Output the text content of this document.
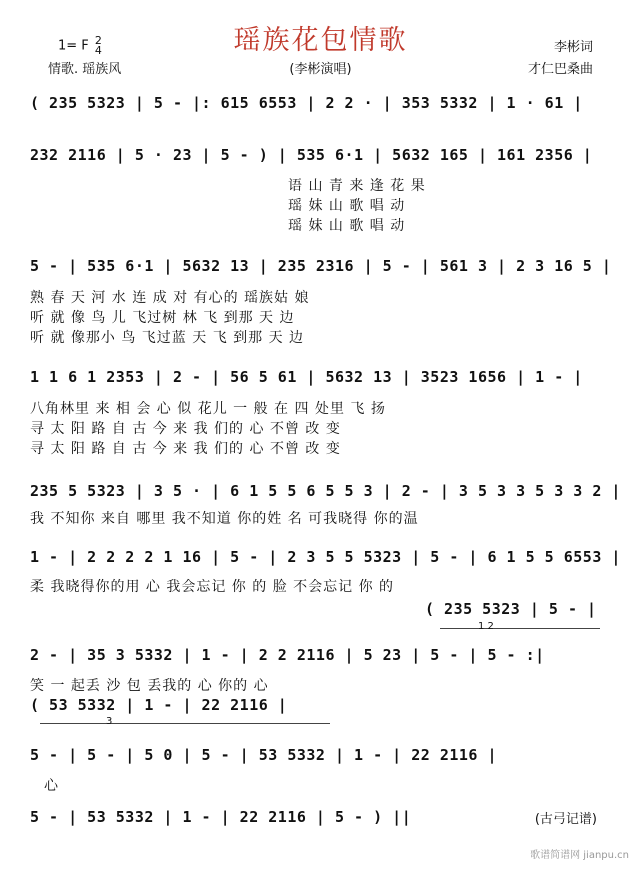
瑶族花包情歌
1= F 2
4
情歌. 瑶族风	(李彬演唱)
李彬词
才仁巴桑曲
( 235 5323 | 5 - |: 615 6553 | 2 2 · | 353 5332 | 1 · 61 |
232 2116 | 5 · 23 | 5 - ) | 535 6·1 | 5632 165 | 161 2356 |
语 山 青 来 逢 花 果
瑶 妹 山 歌 唱 动
瑶 妹 山 歌 唱 动
5 - | 535 6·1 | 5632 13 | 235 2316 | 5 - | 561 3 | 2 3 16 5 |
熟 春 天 河 水 连 成 对 有心的 瑶族姑 娘
听 就 像 鸟 儿 飞过树 林 飞 到那 天 边
听 就 像那小 鸟 飞过蓝 天 飞 到那 天 边
1 1 6 1 2353 | 2 - | 56 5 61 | 5632 13 | 3523 1656 | 1 - |
八角林里 来 相 会 心 似 花儿 一 般 在 四 处里 飞 扬
寻 太 阳 路 自 古 今 来 我 们的 心 不曾 改 变
寻 太 阳 路 自 古 今 来 我 们的 心 不曾 改 变
235 5 5323 | 3 5 · | 6 1 5 5 6 5 5 3 | 2 - | 3 5 3 3 5 3 3 2 |
我 不知你 来自 哪里 我不知道 你的姓 名 可我晓得 你的温
1 - | 2 2 2 2 1 16 | 5 - | 2 3 5 5 5323 | 5 - | 6 1 5 5 6553 |
柔 我晓得你的用 心 我会忘记 你 的 脸 不会忘记 你 的
( 235 5323 | 5 - |
1 2
2 - | 35 3 5332 | 1 - | 2 2 2116 | 5 23 | 5 - | 5 - :|
笑 一 起丢 沙 包 丢我的 心 你的 心
( 53 5332 | 1 - | 22 2116 |
3
5 - | 5 - | 5 0 | 5 - | 53 5332 | 1 - | 22 2116 |
心
5 - | 53 5332 | 1 - | 22 2116 | 5 - ) ||	(古弓记谱)
歌谱简谱网 jianpu.cn
